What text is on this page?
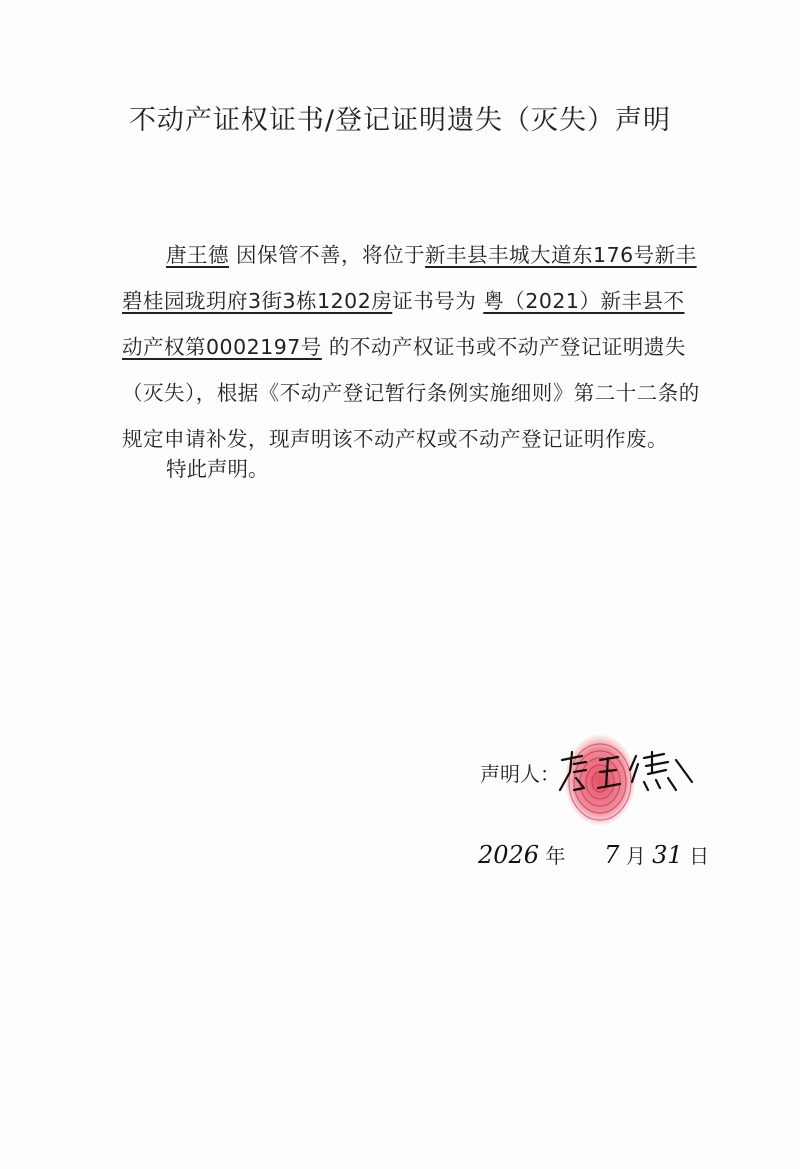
不动产证权证书/登记证明遗失（灭失）声明
唐王德 因保管不善，将位于新丰县丰城大道东176号新丰碧桂园珑玥府3街3栋1202房证书号为 粤（2021）新丰县不动产权第0002197号 的不动产权证书或不动产登记证明遗失（灭失），根据《不动产登记暂行条例实施细则》第二十二条的规定申请补发，现声明该不动产权或不动产登记证明作废。
特此声明。
声明人：
2026 年 7 月 31 日
